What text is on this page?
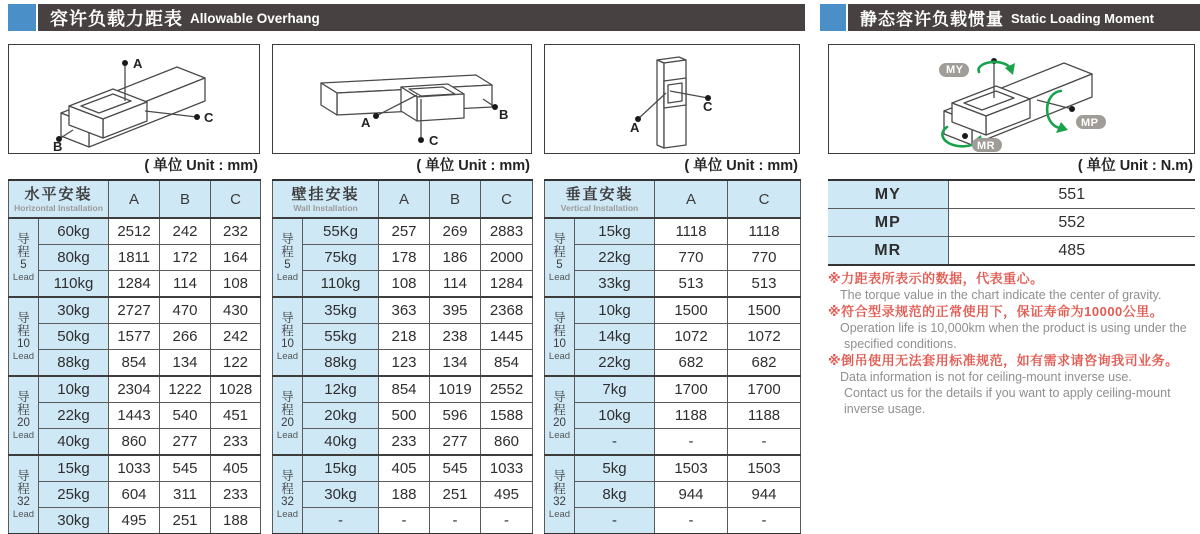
容许负载力距表 Allowable Overhang	静态容许负载惯量 Static Loading Moment
A
B
C
( 单位 Unit : mm)
水平安装
Horizontal Installation		A	B	C

导
程
5
Lead	60kg	2512	242	232
	80kg	1811	172	164
	110kg	1284	114	108

导
程
10
Lead	30kg	2727	470	430
	50kg	1577	266	242
	88kg	854	134	122

导
程
20
Lead	10kg	2304	1222	1028
	22kg	1443	540	451
	40kg	860	277	233

导
程
32
Lead	15kg	1033	545	405
	25kg	604	311	233
	30kg	495	251	188
A
B
C
( 单位 Unit : mm)
壁挂安装
Wall Installation		A	B	C

导
程
5
Lead	55Kg	257	269	2883
	75kg	178	186	2000
	110kg	108	114	1284

导
程
10
Lead	35kg	363	395	2368
	55kg	218	238	1445
	88kg	123	134	854

导
程
20
Lead	12kg	854	1019	2552
	20kg	500	596	1588
	40kg	233	277	860

导
程
32
Lead	15kg	405	545	1033
	30kg	188	251	495
	-	-	-	-
A
C
( 单位 Unit : mm)
垂直安装
Vertical Installation		A	C

导
程
5
Lead	15kg	1118	1118
	22kg	770	770
	33kg	513	513

导
程
10
Lead	10kg	1500	1500
	14kg	1072	1072
	22kg	682	682

导
程
20
Lead	7kg	1700	1700
	10kg	1188	1188
	-	-	-

导
程
32
Lead	5kg	1503	1503
	8kg	944	944
	-	-	-
MY
MP
MR
( 单位 Unit : N.m)
MY	551
MP	552
MR	485
※力距表所表示的数据，代表重心。
The torque value in the chart indicate the center of gravity.
※符合型录规范的正常使用下，保证寿命为10000公里。
Operation life is 10,000km when the product is using under the
specified conditions.
※倒吊使用无法套用标准规范，如有需求请咨询我司业务。
Data information is not for ceiling-mount inverse use.
Contact us for the details if you want to apply ceiling-mount
inverse usage.
